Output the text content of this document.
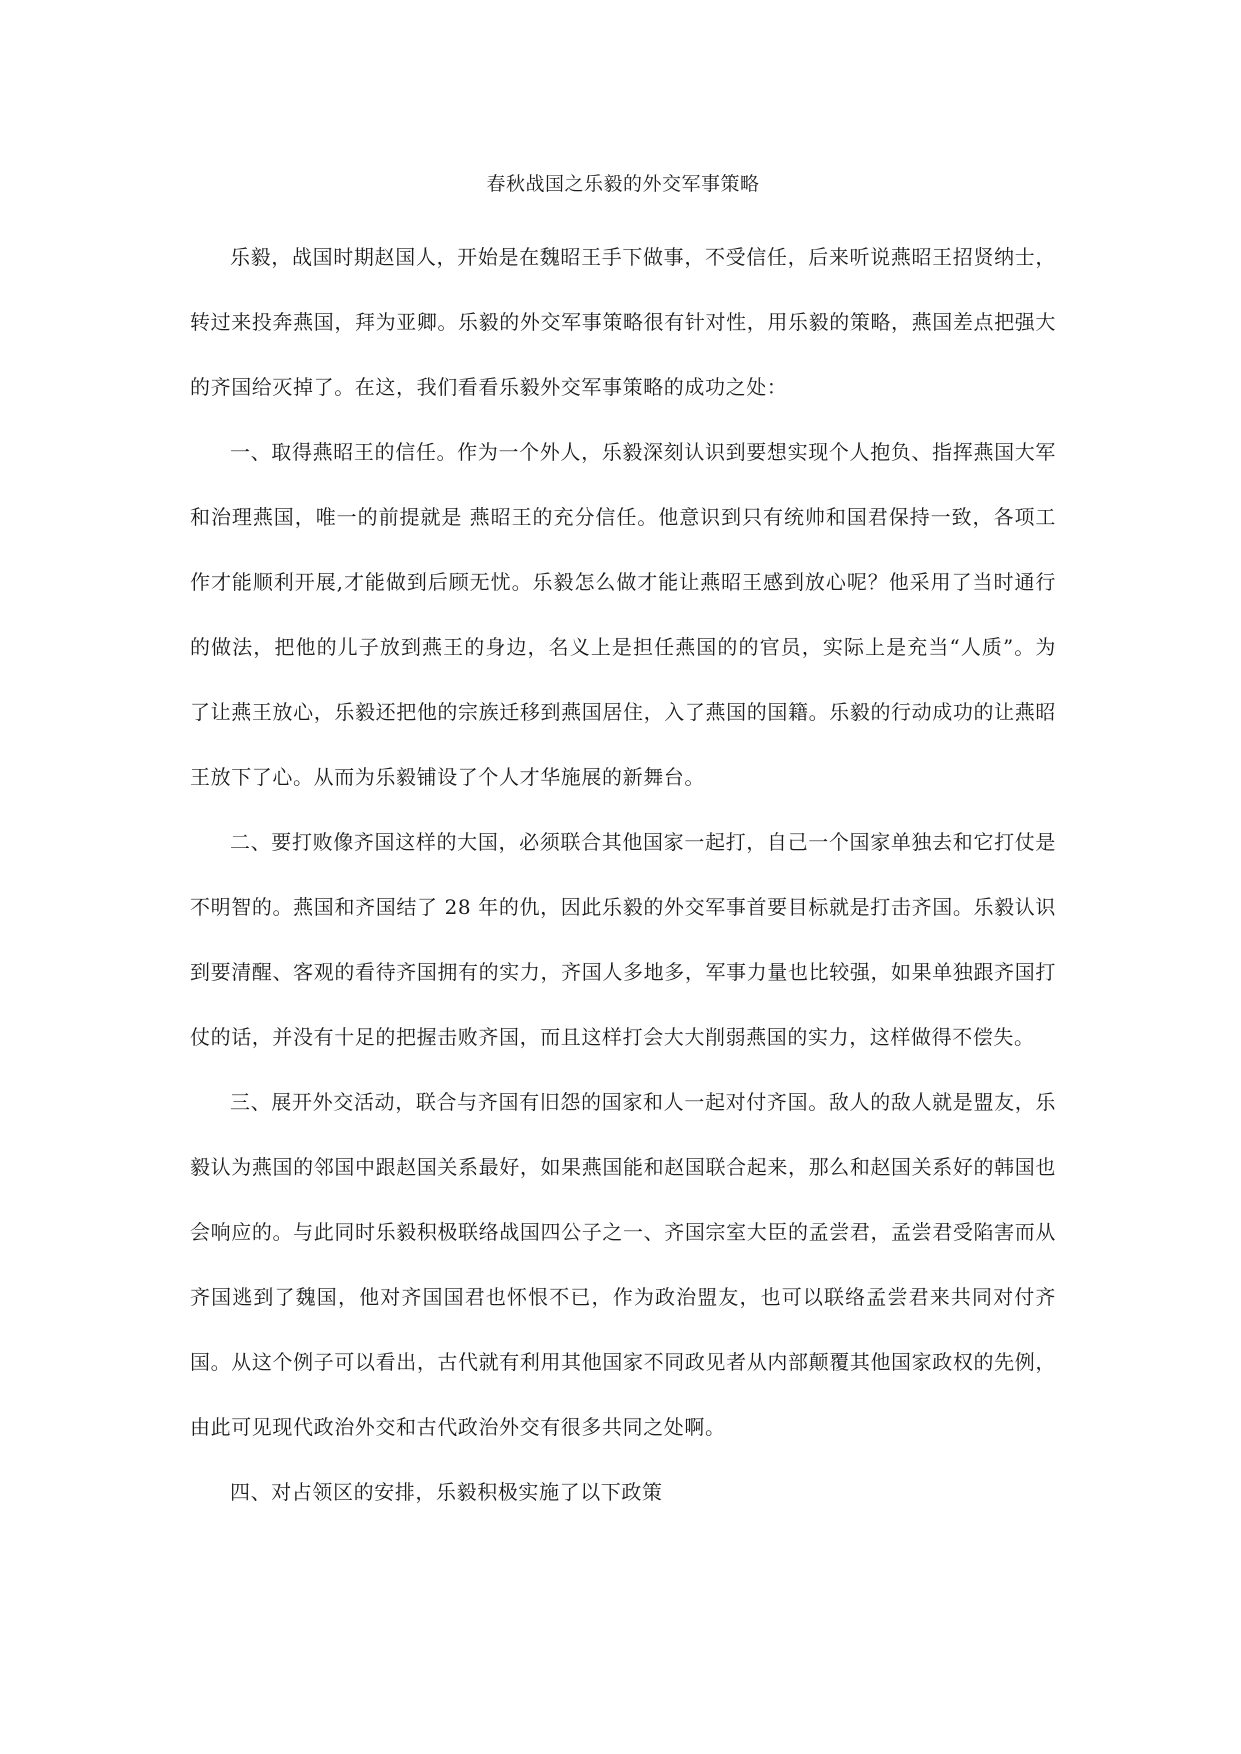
春秋战国之乐毅的外交军事策略

乐毅，战国时期赵国人，开始是在魏昭王手下做事，不受信任，后来听说燕昭王招贤纳士，转过来投奔燕国，拜为亚卿。乐毅的外交军事策略很有针对性，用乐毅的策略，燕国差点把强大的齐国给灭掉了。在这，我们看看乐毅外交军事策略的成功之处：

一、取得燕昭王的信任。作为一个外人，乐毅深刻认识到要想实现个人抱负、指挥燕国大军和治理燕国，唯一的前提就是 燕昭王的充分信任。他意识到只有统帅和国君保持一致，各项工作才能顺利开展,才能做到后顾无忧。乐毅怎么做才能让燕昭王感到放心呢？他采用了当时通行的做法，把他的儿子放到燕王的身边，名义上是担任燕国的的官员，实际上是充当“人质”。为了让燕王放心，乐毅还把他的宗族迁移到燕国居住，入了燕国的国籍。乐毅的行动成功的让燕昭王放下了心。从而为乐毅铺设了个人才华施展的新舞台。

二、要打败像齐国这样的大国，必须联合其他国家一起打，自己一个国家单独去和它打仗是不明智的。燕国和齐国结了 28 年的仇，因此乐毅的外交军事首要目标就是打击齐国。乐毅认识到要清醒、客观的看待齐国拥有的实力，齐国人多地多，军事力量也比较强，如果单独跟齐国打仗的话，并没有十足的把握击败齐国，而且这样打会大大削弱燕国的实力，这样做得不偿失。

三、展开外交活动，联合与齐国有旧怨的国家和人一起对付齐国。敌人的敌人就是盟友，乐毅认为燕国的邻国中跟赵国关系最好，如果燕国能和赵国联合起来，那么和赵国关系好的韩国也会响应的。与此同时乐毅积极联络战国四公子之一、齐国宗室大臣的孟尝君，孟尝君受陷害而从齐国逃到了魏国，他对齐国国君也怀恨不已，作为政治盟友，也可以联络孟尝君来共同对付齐国。从这个例子可以看出，古代就有利用其他国家不同政见者从内部颠覆其他国家政权的先例，由此可见现代政治外交和古代政治外交有很多共同之处啊。

四、对占领区的安排，乐毅积极实施了以下政策
